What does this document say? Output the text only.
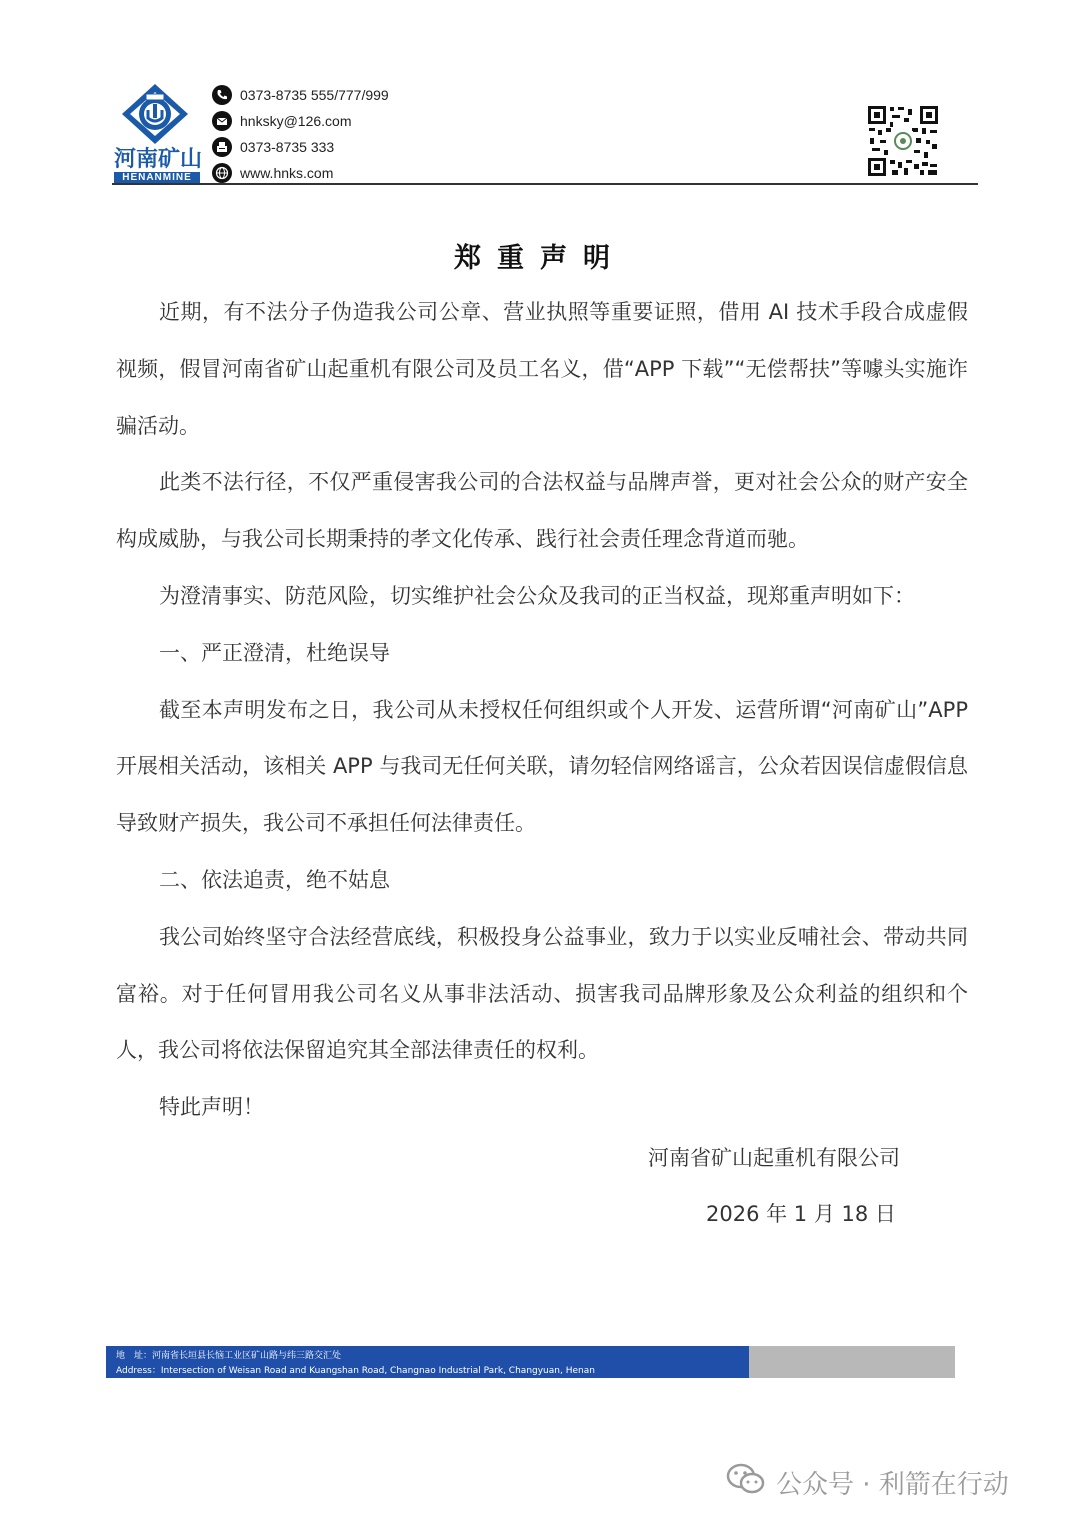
河南矿山
HENANMINE
0373-8735 555/777/999
hnksky@126.com
0373-8735 333
www.hnks.com
郑重声明

近期，有不法分子伪造我公司公章、营业执照等重要证照，借用 AI 技术手段合成虚假视频，假冒河南省矿山起重机有限公司及员工名义，借“APP 下载”“无偿帮扶”等噱头实施诈骗活动。

此类不法行径，不仅严重侵害我公司的合法权益与品牌声誉，更对社会公众的财产安全构成威胁，与我公司长期秉持的孝文化传承、践行社会责任理念背道而驰。

为澄清事实、防范风险，切实维护社会公众及我司的正当权益，现郑重声明如下：

一、严正澄清，杜绝误导

截至本声明发布之日，我公司从未授权任何组织或个人开发、运营所谓“河南矿山”APP 开展相关活动，该相关 APP 与我司无任何关联，请勿轻信网络谣言，公众若因误信虚假信息导致财产损失，我公司不承担任何法律责任。

二、依法追责，绝不姑息

我公司始终坚守合法经营底线，积极投身公益事业，致力于以实业反哺社会、带动共同富裕。对于任何冒用我公司名义从事非法活动、损害我司品牌形象及公众利益的组织和个人，我公司将依法保留追究其全部法律责任的权利。

特此声明！

河南省矿山起重机有限公司
2026 年 1 月 18 日
地　址：河南省长垣县长恼工业区矿山路与纬三路交汇处
Address：Intersection of Weisan Road and Kuangshan Road, Changnao Industrial Park, Changyuan, Henan
公众号 · 利箭在行动
